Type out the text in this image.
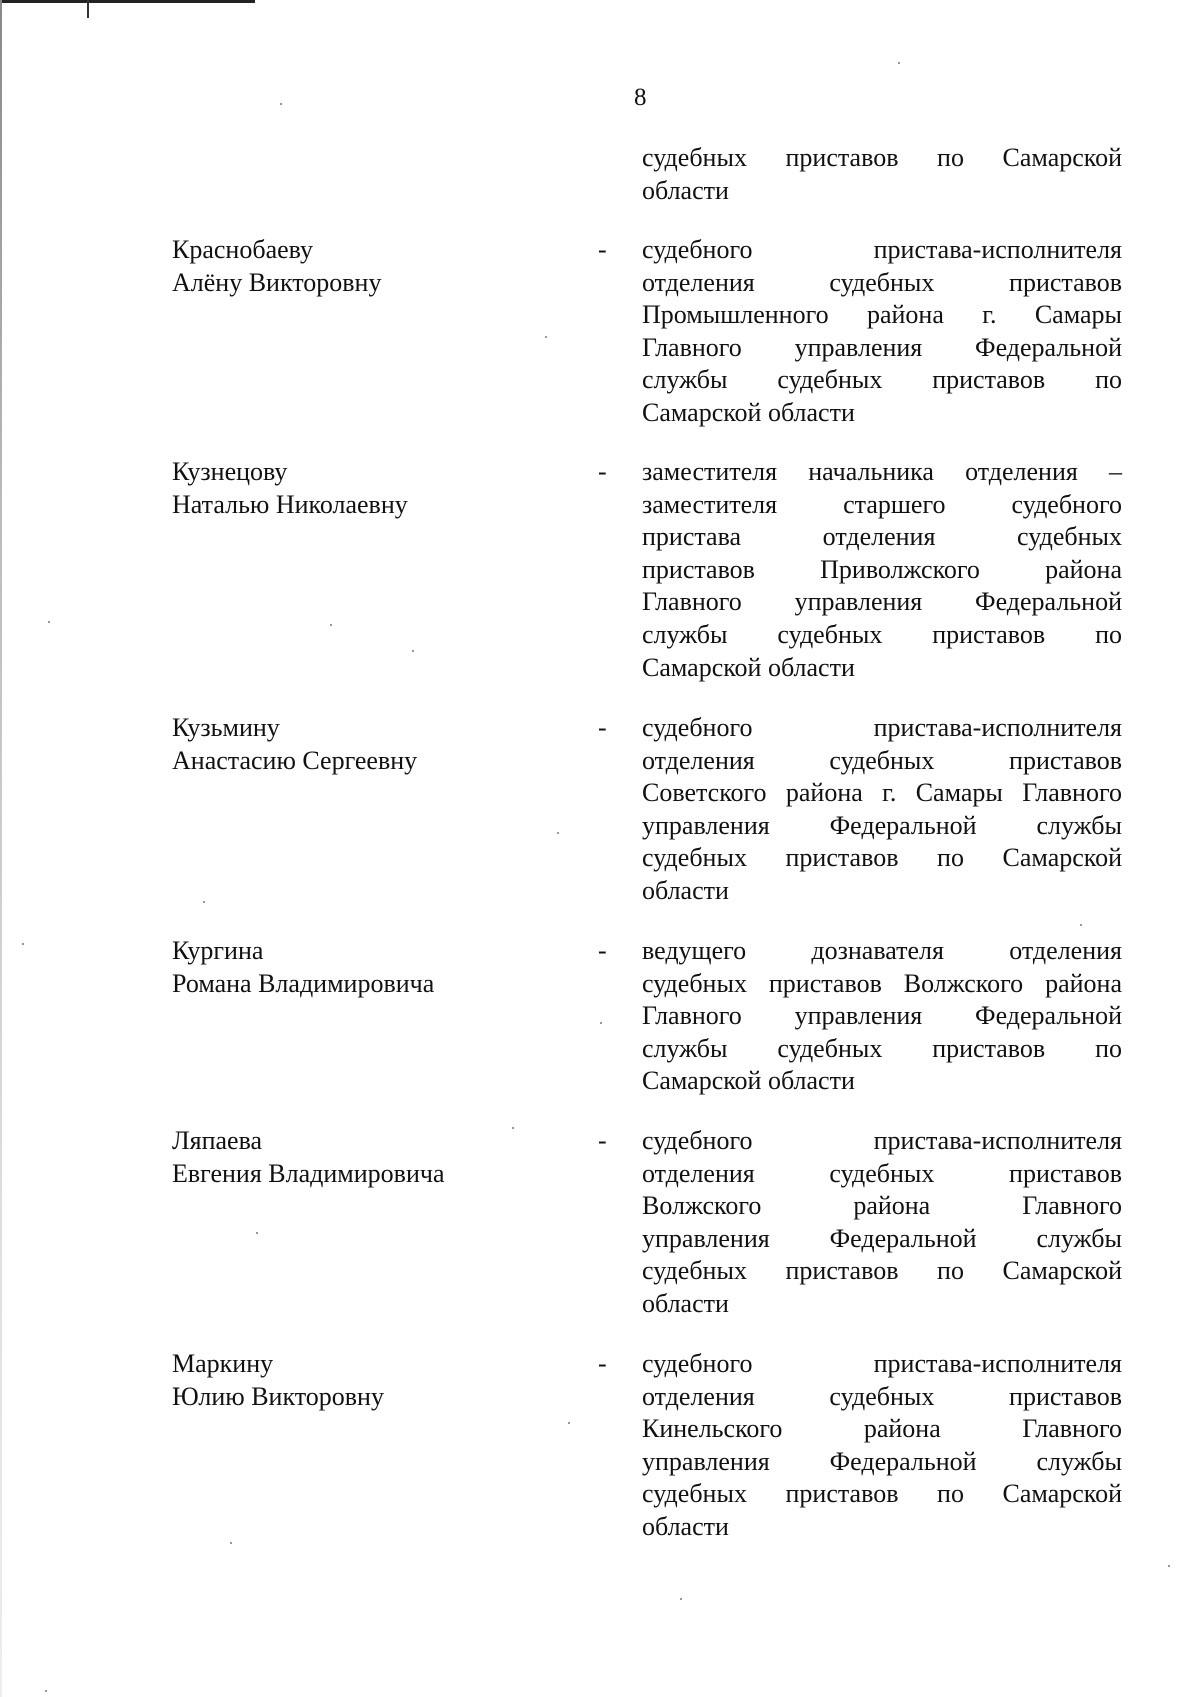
8
судебных приставов по Самарской
области
Краснобаеву
Алёну Викторовну
- судебного пристава-исполнителя
отделения судебных приставов
Промышленного района г. Самары
Главного управления Федеральной
службы судебных приставов по
Самарской области
Кузнецову
Наталью Николаевну
- заместителя начальника отделения –
заместителя старшего судебного
пристава отделения судебных
приставов Приволжского района
Главного управления Федеральной
службы судебных приставов по
Самарской области
Кузьмину
Анастасию Сергеевну
- судебного пристава-исполнителя
отделения судебных приставов
Советского района г. Самары Главного
управления Федеральной службы
судебных приставов по Самарской
области
Кургина
Романа Владимировича
- ведущего дознавателя отделения
судебных приставов Волжского района
Главного управления Федеральной
службы судебных приставов по
Самарской области
Ляпаева
Евгения Владимировича
- судебного пристава-исполнителя
отделения судебных приставов
Волжского района Главного
управления Федеральной службы
судебных приставов по Самарской
области
Маркину
Юлию Викторовну
- судебного пристава-исполнителя
отделения судебных приставов
Кинельского района Главного
управления Федеральной службы
судебных приставов по Самарской
области
